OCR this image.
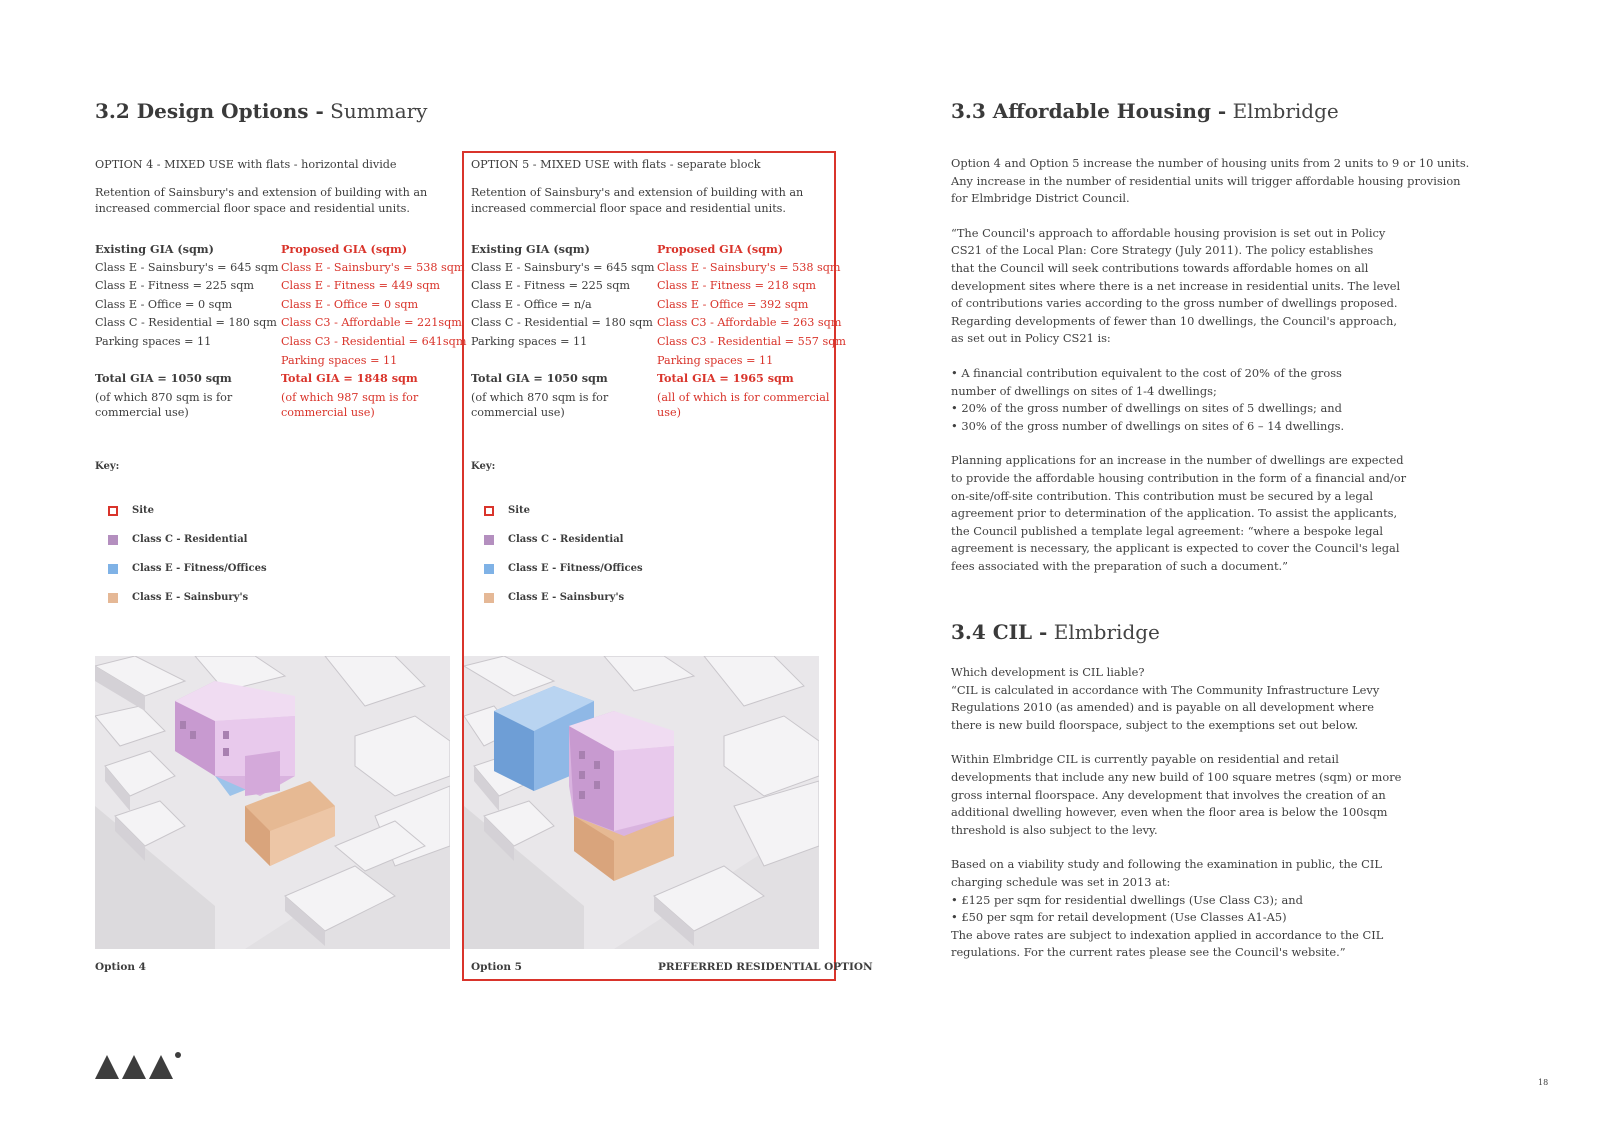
3.2 Design Options - Summary
OPTION 4 - MIXED USE with flats - horizontal divide
Retention of Sainsbury's and extension of building with an
increased commercial floor space and residential units.
Existing GIA (sqm)
Class E - Sainsbury's = 645 sqm
Class E - Fitness = 225 sqm
Class E - Office = 0 sqm
Class C - Residential = 180 sqm
Parking spaces = 11
Total GIA = 1050 sqm
(of which 870 sqm is for
commercial use)
Proposed GIA (sqm)
Class E - Sainsbury's = 538 sqm
Class E - Fitness = 449 sqm
Class E - Office = 0 sqm
Class C3 - Affordable = 221sqm
Class C3 - Residential = 641sqm
Parking spaces = 11
Total GIA = 1848 sqm
(of which 987 sqm is for
commercial use)
Key:
Site
Class C - Residential
Class E - Fitness/Offices
Class E - Sainsbury's
OPTION 5 - MIXED USE with flats - separate block
Retention of Sainsbury's and extension of building with an
increased commercial floor space and residential units.
Existing GIA (sqm)
Class E - Sainsbury's = 645 sqm
Class E - Fitness = 225 sqm
Class E - Office = n/a
Class C - Residential = 180 sqm
Parking spaces = 11
Total GIA = 1050 sqm
(of which 870 sqm is for
commercial use)
Proposed GIA (sqm)
Class E - Sainsbury's = 538 sqm
Class E - Fitness = 218 sqm
Class E - Office = 392 sqm
Class C3 - Affordable = 263 sqm
Class C3 - Residential = 557 sqm
Parking spaces = 11
Total GIA = 1965 sqm
(all of which is for commercial
use)
Key:
Site
Class C - Residential
Class E - Fitness/Offices
Class E - Sainsbury's
Option 4	Option 5	PREFERRED RESIDENTIAL OPTION
3.3 Affordable Housing - Elmbridge

Option 4 and Option 5 increase the number of housing units from 2 units to 9 or 10 units.
Any increase in the number of residential units will trigger affordable housing provision
for Elmbridge District Council.

“The Council's approach to affordable housing provision is set out in Policy
CS21 of the Local Plan: Core Strategy (July 2011). The policy establishes
that the Council will seek contributions towards affordable homes on all
development sites where there is a net increase in residential units. The level
of contributions varies according to the gross number of dwellings proposed.
Regarding developments of fewer than 10 dwellings, the Council's approach,
as set out in Policy CS21 is:

• A financial contribution equivalent to the cost of 20% of the gross
number of dwellings on sites of 1-4 dwellings;
• 20% of the gross number of dwellings on sites of 5 dwellings; and
• 30% of the gross number of dwellings on sites of 6 – 14 dwellings.

Planning applications for an increase in the number of dwellings are expected
to provide the affordable housing contribution in the form of a financial and/or
on-site/off-site contribution. This contribution must be secured by a legal
agreement prior to determination of the application. To assist the applicants,
the Council published a template legal agreement: “where a bespoke legal
agreement is necessary, the applicant is expected to cover the Council's legal
fees associated with the preparation of such a document.”

3.4 CIL - Elmbridge

Which development is CIL liable?
“CIL is calculated in accordance with The Community Infrastructure Levy
Regulations 2010 (as amended) and is payable on all development where
there is new build floorspace, subject to the exemptions set out below.

Within Elmbridge CIL is currently payable on residential and retail
developments that include any new build of 100 square metres (sqm) or more
gross internal floorspace. Any development that involves the creation of an
additional dwelling however, even when the floor area is below the 100sqm
threshold is also subject to the levy.

Based on a viability study and following the examination in public, the CIL
charging schedule was set in 2013 at:
• £125 per sqm for residential dwellings (Use Class C3); and
• £50 per sqm for retail development (Use Classes A1-A5)
The above rates are subject to indexation applied in accordance to the CIL
regulations. For the current rates please see the Council's website.”

18
